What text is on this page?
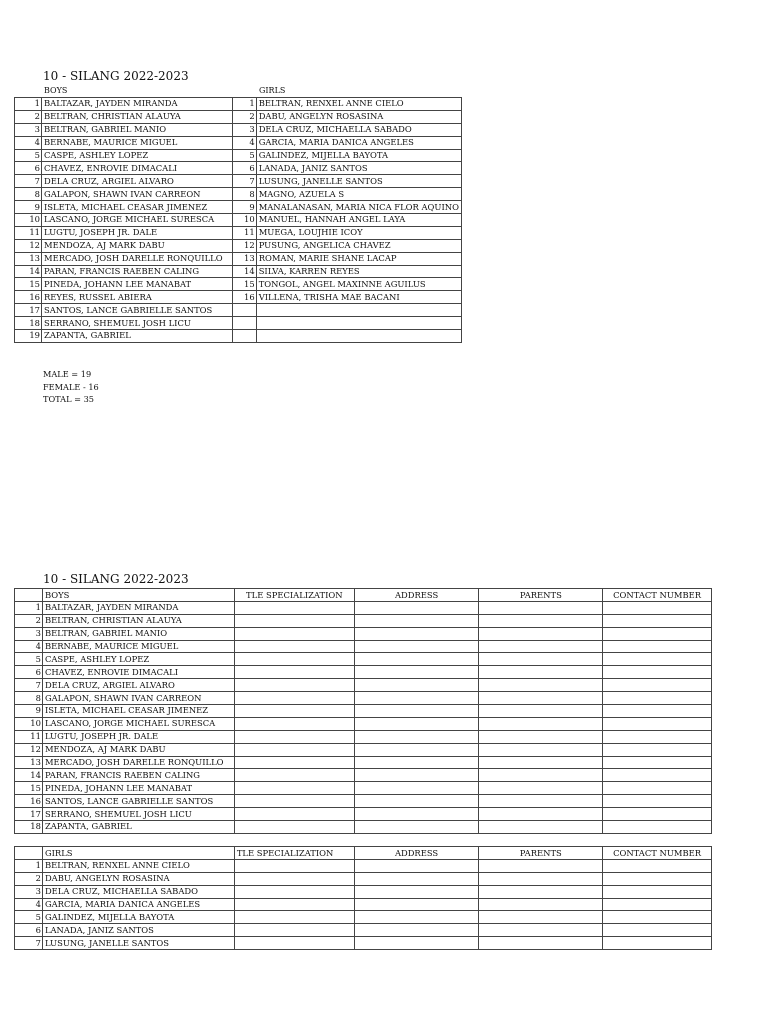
10 - SILANG 2022-2023
BOYS	GIRLS
1	BALTAZAR, JAYDEN MIRANDA	1	BELTRAN, RENXEL ANNE CIELO
2	BELTRAN, CHRISTIAN ALAUYA	2	DABU, ANGELYN ROSASINA
3	BELTRAN, GABRIEL MANIO	3	DELA CRUZ, MICHAELLA SABADO
4	BERNABE, MAURICE MIGUEL	4	GARCIA, MARIA DANICA ANGELES
5	CASPE, ASHLEY LOPEZ	5	GALINDEZ, MIJELLA BAYOTA
6	CHAVEZ, ENROVIE DIMACALI	6	LANADA, JANIZ SANTOS
7	DELA CRUZ, ARGIEL ALVARO	7	LUSUNG, JANELLE SANTOS
8	GALAPON, SHAWN IVAN CARREON	8	MAGNO, AZUELA S
9	ISLETA, MICHAEL CEASAR JIMENEZ	9	MANALANASAN, MARIA NICA FLOR AQUINO
10	LASCANO, JORGE MICHAEL SURESCA	10	MANUEL, HANNAH ANGEL LAYA
11	LUGTU, JOSEPH JR. DALE	11	MUEGA, LOUJHIE ICOY
12	MENDOZA, AJ MARK DABU	12	PUSUNG, ANGELICA CHAVEZ
13	MERCADO, JOSH DARELLE RONQUILLO	13	ROMAN, MARIE SHANE LACAP
14	PARAN, FRANCIS RAEBEN CALING	14	SILVA, KARREN REYES
15	PINEDA, JOHANN LEE MANABAT	15	TONGOL, ANGEL MAXINNE AGUILUS
16	REYES, RUSSEL ABIERA	16	VILLENA, TRISHA MAE BACANI
17	SANTOS, LANCE GABRIELLE SANTOS		
18	SERRANO, SHEMUEL JOSH LICU		
19	ZAPANTA, GABRIEL		
MALE = 19
FEMALE - 16
TOTAL = 35
10 - SILANG 2022-2023
	BOYS	TLE SPECIALIZATION	ADDRESS	PARENTS	CONTACT NUMBER
1	BALTAZAR, JAYDEN MIRANDA				
2	BELTRAN, CHRISTIAN ALAUYA				
3	BELTRAN, GABRIEL MANIO				
4	BERNABE, MAURICE MIGUEL				
5	CASPE, ASHLEY LOPEZ				
6	CHAVEZ, ENROVIE DIMACALI				
7	DELA CRUZ, ARGIEL ALVARO				
8	GALAPON, SHAWN IVAN CARREON				
9	ISLETA, MICHAEL CEASAR JIMENEZ				
10	LASCANO, JORGE MICHAEL SURESCA				
11	LUGTU, JOSEPH JR. DALE				
12	MENDOZA, AJ MARK DABU				
13	MERCADO, JOSH DARELLE RONQUILLO				
14	PARAN, FRANCIS RAEBEN CALING				
15	PINEDA, JOHANN LEE MANABAT				
16	SANTOS, LANCE GABRIELLE SANTOS				
17	SERRANO, SHEMUEL JOSH LICU				
18	ZAPANTA, GABRIEL				
	GIRLS	TLE SPECIALIZATION	ADDRESS	PARENTS	CONTACT NUMBER
1	BELTRAN, RENXEL ANNE CIELO				
2	DABU, ANGELYN ROSASINA				
3	DELA CRUZ, MICHAELLA SABADO				
4	GARCIA, MARIA DANICA ANGELES				
5	GALINDEZ, MIJELLA BAYOTA				
6	LANADA, JANIZ SANTOS				
7	LUSUNG, JANELLE SANTOS				
